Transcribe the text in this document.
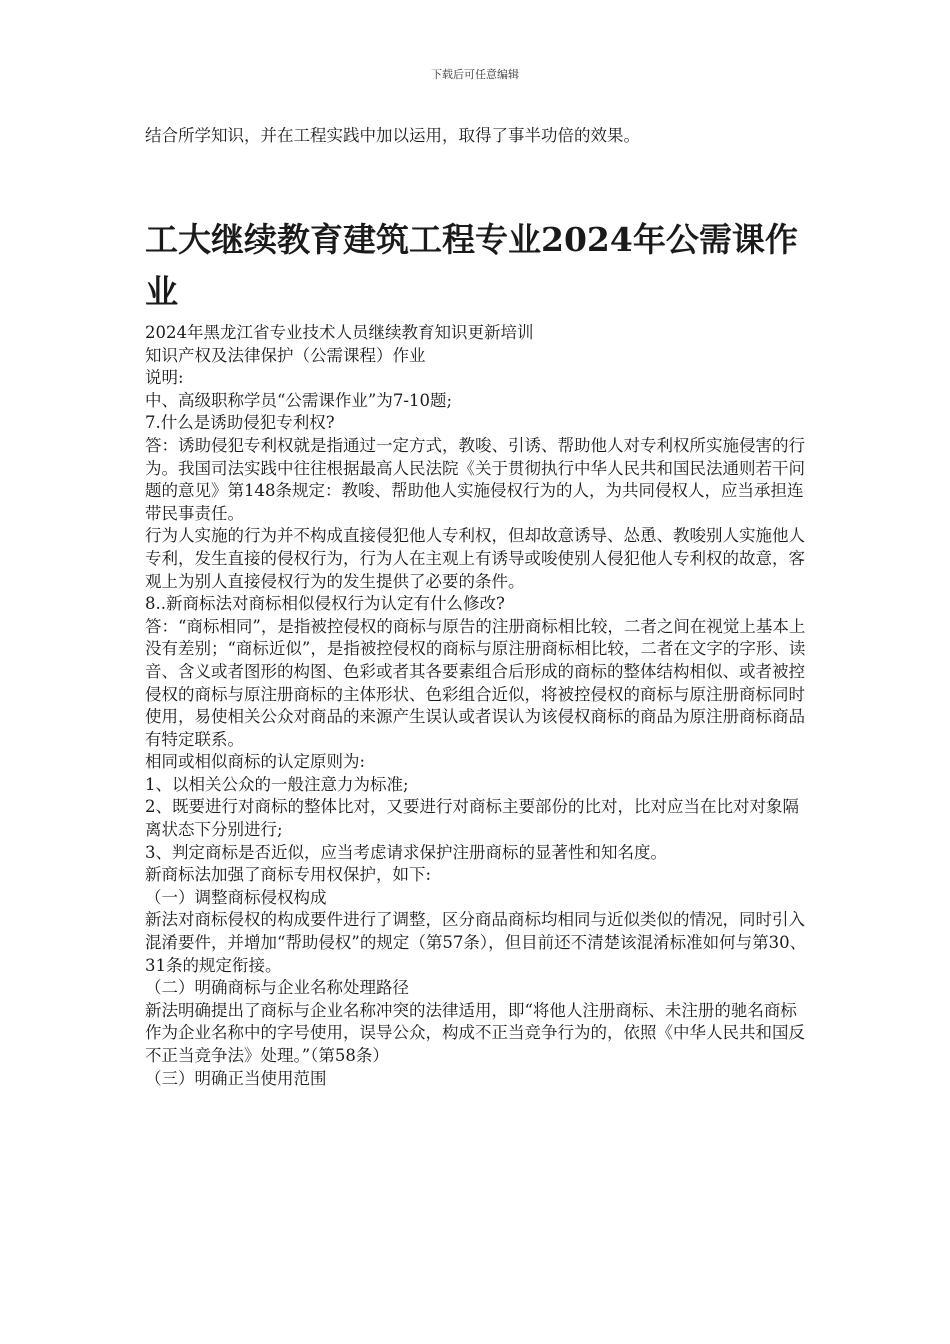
下载后可任意编辑
结合所学知识，并在工程实践中加以运用，取得了事半功倍的效果。
工大继续教育建筑工程专业2024年公需课作业

2024年黑龙江省专业技术人员继续教育知识更新培训

知识产权及法律保护（公需课程）作业

说明:

中、高级职称学员“公需课作业”为7-10题;

7.什么是诱助侵犯专利权?

答：诱助侵犯专利权就是指通过一定方式，教唆、引诱、帮助他人对专利权所实施侵害的行为。我国司法实践中往往根据最高人民法院《关于贯彻执行中华人民共和国民法通则若干问题的意见》第148条规定：教唆、帮助他人实施侵权行为的人，为共同侵权人，应当承担连带民事责任。

行为人实施的行为并不构成直接侵犯他人专利权，但却故意诱导、怂恿、教唆别人实施他人专利，发生直接的侵权行为，行为人在主观上有诱导或唆使别人侵犯他人专利权的故意，客观上为别人直接侵权行为的发生提供了必要的条件。

8..新商标法对商标相似侵权行为认定有什么修改?

答：“商标相同”，是指被控侵权的商标与原告的注册商标相比较，二者之间在视觉上基本上没有差别；“商标近似”，是指被控侵权的商标与原注册商标相比较，二者在文字的字形、读音、含义或者图形的构图、色彩或者其各要素组合后形成的商标的整体结构相似、或者被控侵权的商标与原注册商标的主体形状、色彩组合近似，将被控侵权的商标与原注册商标同时使用，易使相关公众对商品的来源产生误认或者误认为该侵权商标的商品为原注册商标商品有特定联系。

相同或相似商标的认定原则为:

1、以相关公众的一般注意力为标准;

2、既要进行对商标的整体比对，又要进行对商标主要部份的比对，比对应当在比对对象隔离状态下分别进行;

3、判定商标是否近似，应当考虑请求保护注册商标的显著性和知名度。

新商标法加强了商标专用权保护，如下:

（一）调整商标侵权构成

新法对商标侵权的构成要件进行了调整，区分商品商标均相同与近似类似的情况，同时引入混淆要件，并增加“帮助侵权”的规定（第57条），但目前还不清楚该混淆标准如何与第30、31条的规定衔接。

（二）明确商标与企业名称处理路径

新法明确提出了商标与企业名称冲突的法律适用，即“将他人注册商标、未注册的驰名商标作为企业名称中的字号使用，误导公众，构成不正当竞争行为的，依照《中华人民共和国反不正当竞争法》处理。”（第58条）

（三）明确正当使用范围
